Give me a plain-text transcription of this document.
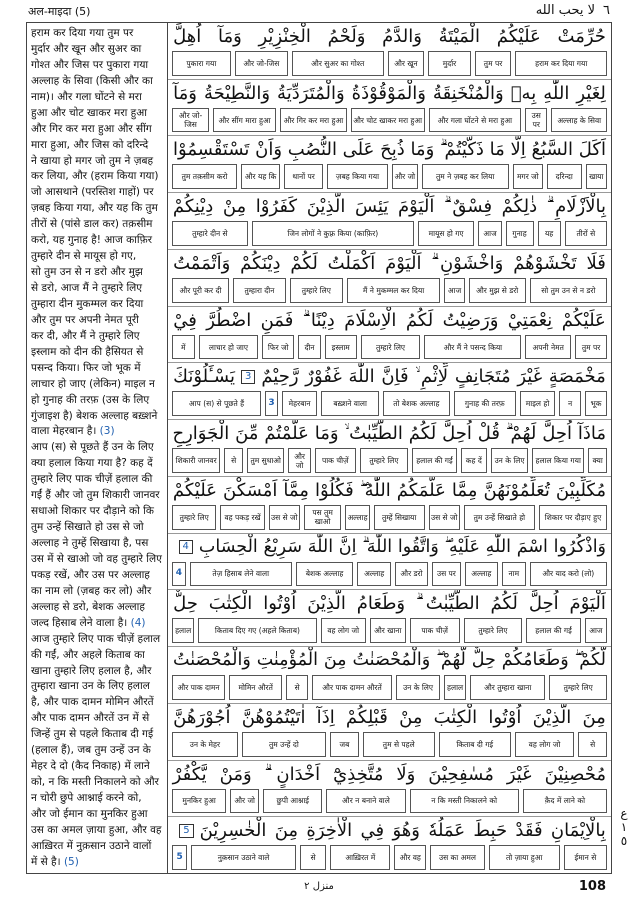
अल-माइदा (5)	لا يحب الله ٦
हराम कर दिया गया तुम पर
मुर्दार और खून और सुअर का
गोश्त और जिस पर पुकारा गया
अल्लाह के सिवा (किसी और का
नाम)। और गला घोंटने से मरा
हुआ और चोट खाकर मरा हुआ
और गिर कर मरा हुआ और सींग
मारा हुआ, और जिस को दरिन्दे
ने खाया हो मगर जो तुम ने ज़बह
कर लिया, और (हराम किया गया)
जो आसथाने (परस्तिश गाहों) पर
ज़बह किया गया, और यह कि तुम
तीरों से (पांसे डाल कर) तक़सीम
करो, यह गुनाह है! आज काफ़िर
तुम्हारे दीन से मायूस हो गए,
सो तुम उन से न डरो और मुझ
से डरो, आज मैं ने तुम्हारे लिए
तुम्हारा दीन मुकम्मल कर दिया
और तुम पर अपनी नेमत पूरी
कर दी, और मैं ने तुम्हारे लिए
इस्लाम को दीन की हैसियत से
पसन्द किया। फिर जो भूक में
लाचार हो जाए (लेकिन) माइल न
हो गुनाह की तरफ़ (उस के लिए
गुंजाइश है) बेशक अल्लाह बख़्शने
वाला मेहरबान है। (3)
आप (स) से पूछते हैं उन के लिए
क्या हलाल किया गया है? कह दें
तुम्हारे लिए पाक चीज़ें हलाल की
गईं हैं और जो तुम शिकारी जानवर
सधाओ शिकार पर दौड़ाने को कि
तुम उन्हें सिखाते हो उस से जो
अल्लाह ने तुम्हें सिखाया है, पस
उस में से खाओ जो वह तुम्हारे लिए
पकड़ रखें, और उस पर अल्लाह
का नाम लो (ज़बह कर लो) और
अल्लाह से डरो, बेशक अल्लाह
जल्द हिसाब लेने वाला है। (4)
आज तुम्हारे लिए पाक चीज़ें हलाल
की गईं, और अहले किताब का
खाना तुम्हारे लिए हलाल है, और
तुम्हारा खाना उन के लिए हलाल
है, और पाक दामन मोमिन औरतें
और पाक दामन औरतें उन में से
जिन्हें तुम से पहले किताब दी गई
(हलाल हैं), जब तुम उन्हें उन के
मेहर दे दो (कैद निकाह) में लाने
को, न कि मस्ती निकालने को और
न चोरी छुपे आश्नाई करने को,
और जो ईमान का मुनकिर हुआ
उस का अमल ज़ाया हुआ, और वह
आख़िरत में नुक़सान उठाने वालों
में से है। (5)
حُرِّمَتْ عَلَيْكُمُ الْمَيْتَةُ وَالدَّمُ وَلَحْمُ الْخِنْزِيْرِ وَمَآ اُهِلَّ
हराम कर दिया गया
तुम पर
मुर्दार
और खून
और सुअर का गोश्त
और जो-जिस
पुकारा गया
لِغَيْرِ اللّٰهِ بِهٖ وَالْمُنْخَنِقَةُ وَالْمَوْقُوْذَةُ وَالْمُتَرَدِّيَةُ وَالنَّطِيْحَةُ وَمَآ
अल्लाह के सिवा
उस पर
और गला घोंटने से मरा हुआ
और चोट खाकर मरा हुआ
और गिर कर मरा हुआ
और सींग मारा हुआ
और जो-जिस
اَكَلَ السَّبُعُ اِلَّا مَا ذَكَّيْتُمْ ۗ وَمَا ذُبِحَ عَلَى النُّصُبِ وَاَنْ تَسْتَقْسِمُوْا
खाया
दरिन्दा
मगर जो
तुम ने ज़बह कर लिया
और जो
ज़बह किया गया
थानों पर
और यह कि
तुम तक़सीम करो
بِالْاَزْلَامِ ۗ ذٰلِكُمْ فِسْقٌ ۗ اَلْيَوْمَ يَئِسَ الَّذِيْنَ كَفَرُوْا مِنْ دِيْنِكُمْ
तीरों से
यह
गुनाह
आज
मायूस हो गए
जिन लोगों ने कुफ़्र किया (काफ़िर)
तुम्हारे दीन से
فَلَا تَخْشَوْهُمْ وَاخْشَوْنِ ۗ اَلْيَوْمَ اَكْمَلْتُ لَكُمْ دِيْنَكُمْ وَاَتْمَمْتُ
सो तुम उन से न डरो
और मुझ से डरो
आज
मैं ने मुकम्मल कर दिया
तुम्हारे लिए
तुम्हारा दीन
और पूरी कर दी
عَلَيْكُمْ نِعْمَتِيْ وَرَضِيْتُ لَكُمُ الْاِسْلَامَ دِيْنًا ۗ فَمَنِ اضْطُرَّ فِيْ
तुम पर
अपनी नेमत
और मैं ने पसन्द किया
तुम्हारे लिए
इस्लाम
दीन
फिर जो
लाचार हो जाए
में
مَخْمَصَةٍ غَيْرَ مُتَجَانِفٍ لِّاِثْمٍ ۙ فَاِنَّ اللّٰهَ غَفُوْرٌ رَّحِيْمٌ3يَسْـَٔلُوْنَكَ
भूक
न
माइल हो
गुनाह की तरफ़
तो बेशक अल्लाह
बख़्शने वाला
मेहरबान
3
आप (स) से पूछते हैं
مَاذَآ اُحِلَّ لَهُمْ ۗ قُلْ اُحِلَّ لَكُمُ الطَّيِّبٰتُ ۙ وَمَا عَلَّمْتُمْ مِّنَ الْجَوَارِحِ
क्या
हलाल किया गया
उन के लिए
कह दें
हलाल की गईं
तुम्हारे लिए
पाक चीज़ें
और जो
तुम सुधाओ
से
शिकारी जानवर
مُكَلِّبِيْنَ تُعَلِّمُوْنَهُنَّ مِمَّا عَلَّمَكُمُ اللّٰهُ ۖ فَكُلُوْا مِمَّآ اَمْسَكْنَ عَلَيْكُمْ
शिकार पर दौड़ाए हुए
तुम उन्हें सिखाते हो
उस से जो
तुम्हें सिखाया
अल्लाह
पस तुम खाओ
उस से जो
वह पकड़ रखें
तुम्हारे लिए
وَاذْكُرُوا اسْمَ اللّٰهِ عَلَيْهِ ۖ وَاتَّقُوا اللّٰهَ ۗ اِنَّ اللّٰهَ سَرِيْعُ الْحِسَابِ4
और याद करो (लो)
नाम
अल्लाह
उस पर
और डरो
अल्लाह
बेशक अल्लाह
तेज़ हिसाब लेने वाला
4
اَلْيَوْمَ اُحِلَّ لَكُمُ الطَّيِّبٰتُ ۗ وَطَعَامُ الَّذِيْنَ اُوْتُوا الْكِتٰبَ حِلٌّ
आज
हलाल की गईं
तुम्हारे लिए
पाक चीज़ें
और खाना
वह लोग जो
किताब दिए गए (अहले किताब)
हलाल
لَّكُمْ ۖ وَطَعَامُكُمْ حِلٌّ لَّهُمْ ۖ وَالْمُحْصَنٰتُ مِنَ الْمُؤْمِنٰتِ وَالْمُحْصَنٰتُ
तुम्हारे लिए
और तुम्हारा खाना
हलाल
उन के लिए
और पाक दामन औरतें
से
मोमिन औरतें
और पाक दामन
مِنَ الَّذِيْنَ اُوْتُوا الْكِتٰبَ مِنْ قَبْلِكُمْ اِذَآ اٰتَيْتُمُوْهُنَّ اُجُوْرَهُنَّ
से
वह लोग जो
किताब दी गई
तुम से पहले
जब
तुम उन्हें दो
उन के मेहर
مُحْصِنِيْنَ غَيْرَ مُسٰفِحِيْنَ وَلَا مُتَّخِذِيْٓ اَخْدَانٍ ۗ وَمَنْ يَّكْفُرْ
क़ैद में लाने को
न कि मस्ती निकालने को
और न बनाने वाले
छुपी आश्नाई
और जो
मुनकिर हुआ
بِالْاِيْمَانِ فَقَدْ حَبِطَ عَمَلُهٗ وَهُوَ فِي الْاٰخِرَةِ مِنَ الْخٰسِرِيْنَ5
ईमान से
तो ज़ाया हुआ
उस का अमल
और वह
आख़िरत में
से
नुक़सान उठाने वाले
5
ع
١
٥
منزل ٢	108
